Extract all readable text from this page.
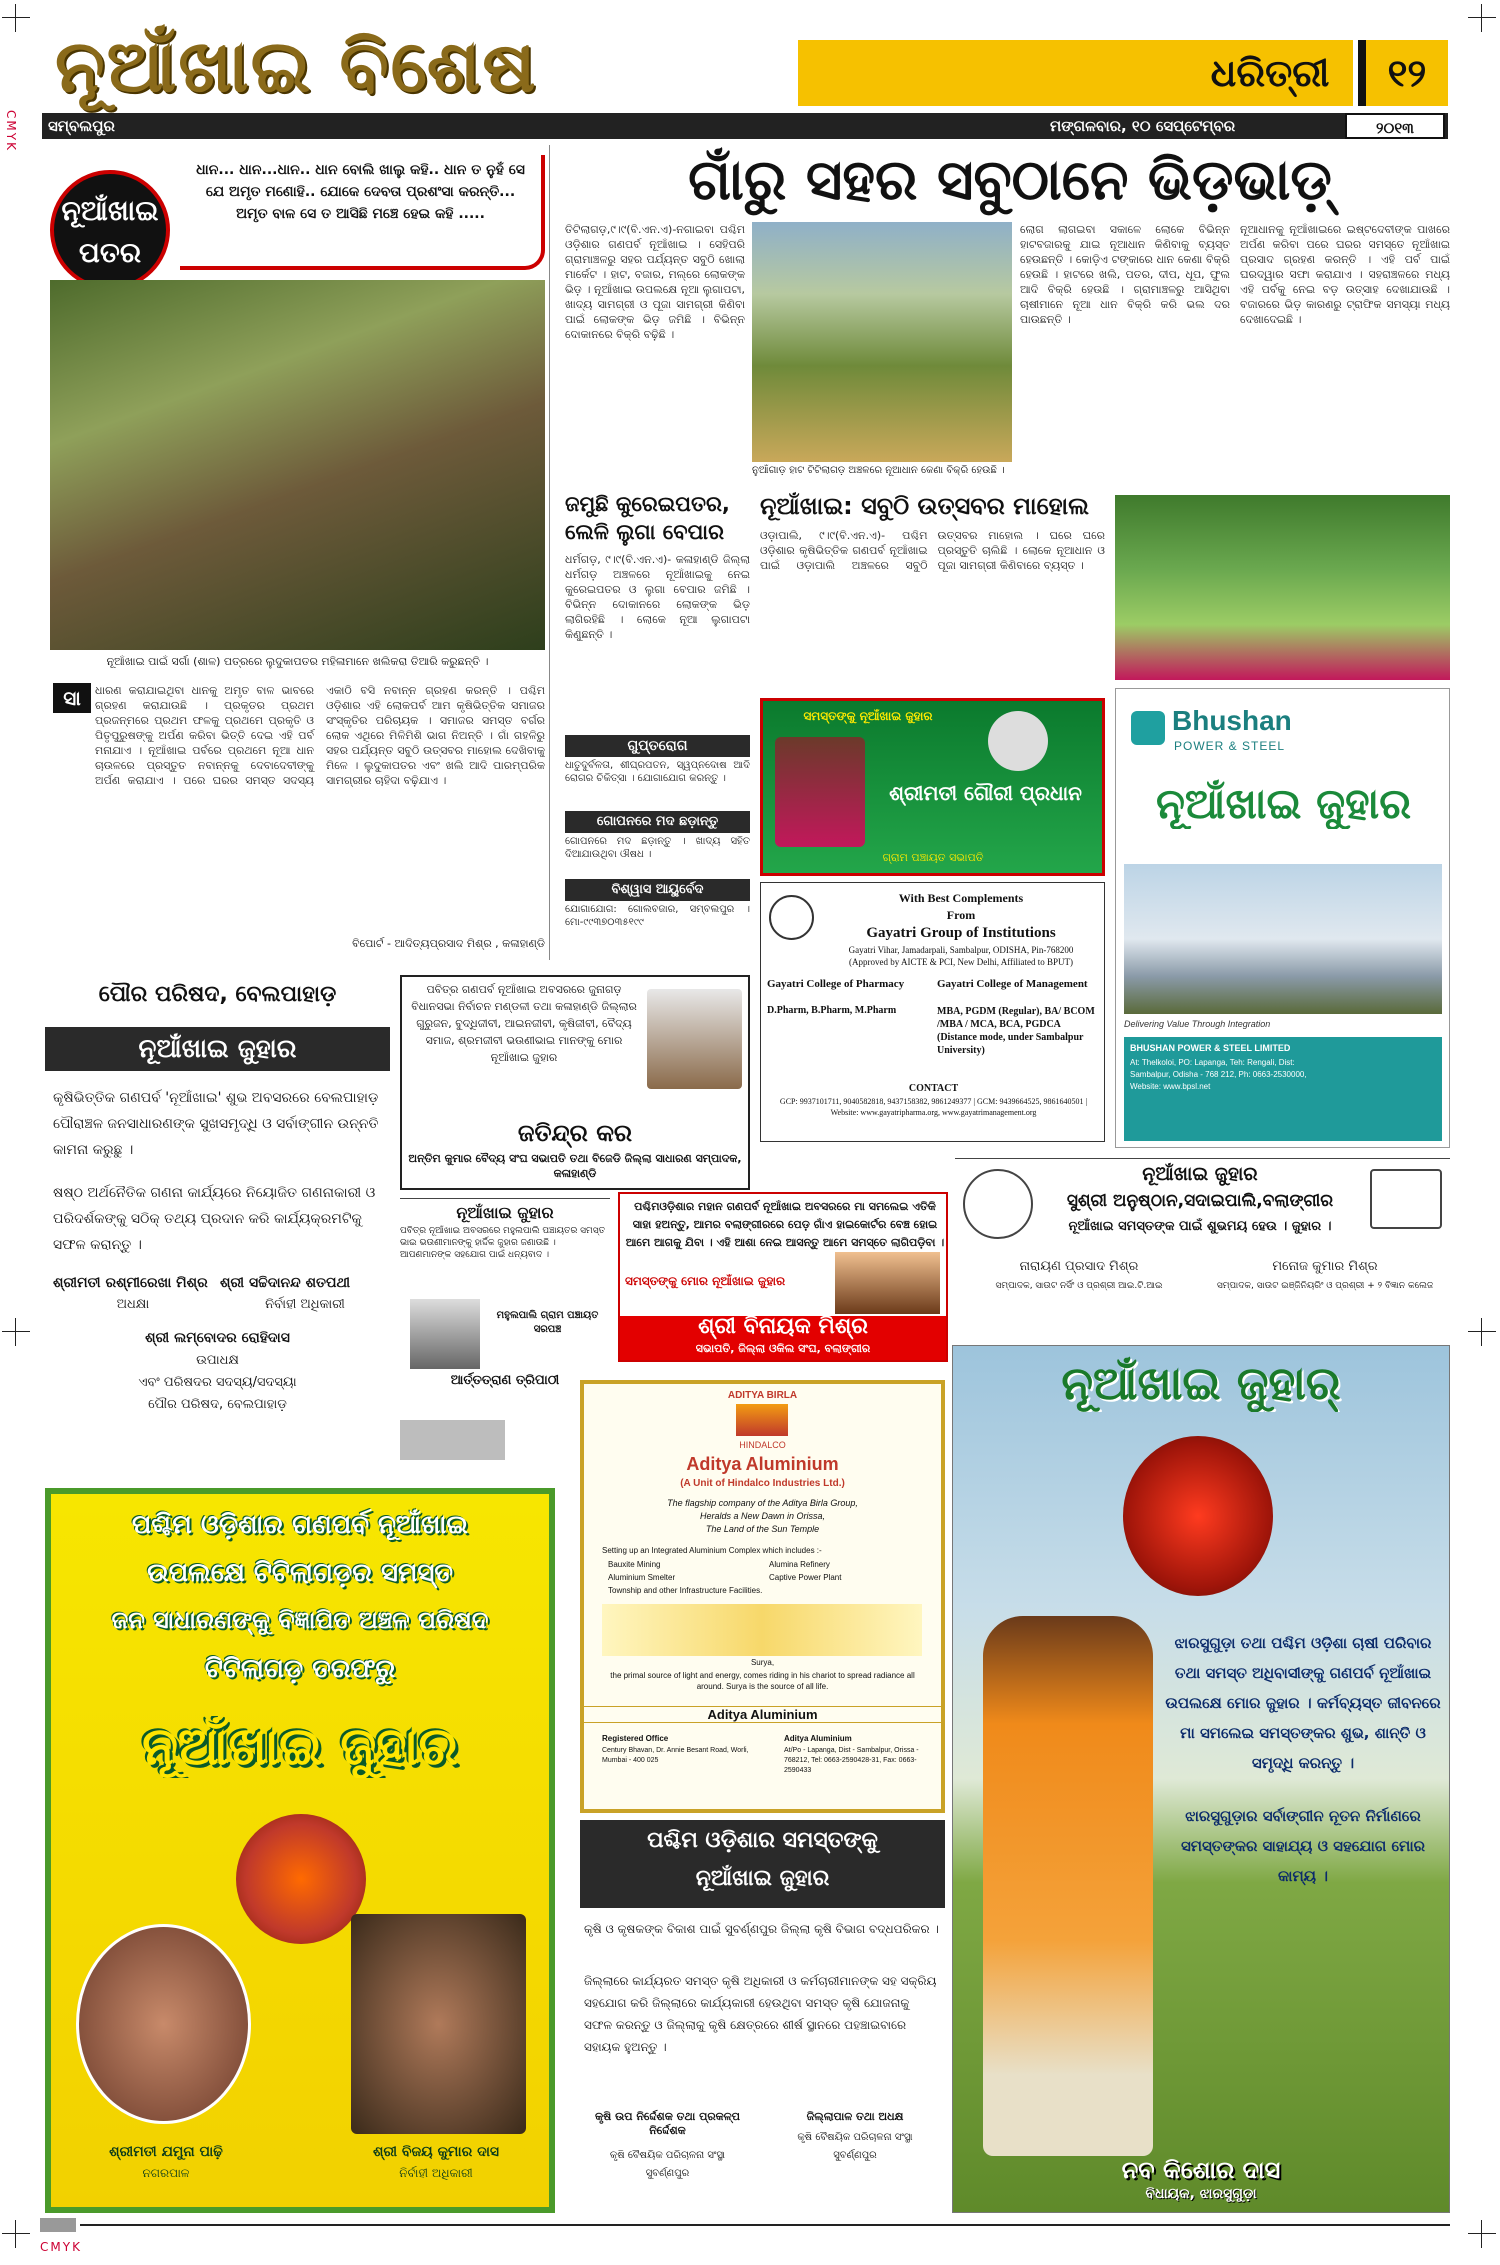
CMYK
CMYK
ନୂଆଁଖାଇ ବିଶେଷ	ଧରିତ୍ରୀ	୧୨
ସମ୍ବଲପୁର	ମଙ୍ଗଳବାର, ୧୦ ସେପ୍ଟେମ୍ବର	୨୦୧୩
ନୂଆଁଖାଇ ପତର
ଧାନ... ଧାନ...ଧାନ.. ଧାନ ବୋଲି ଖାଲୁ କହି.. ଧାନ ତ ନୁହଁ ସେ ଯେ ଅମୃତ ମଣୋହି.. ଯୋକେ ଦେବତା ପ୍ରଶଂସା କରନ୍ତି... ଅମୃତ ବାଳ ସେ ତ ଆସିଛି ମଞ୍ଚେ ହେଇ କହି .....
ନୂଆଁଖାଇ ପାଇଁ ସର୍ଗା (ଶାଳ) ପତ୍ରରେ ଲୁଦୁକାପତର ମହିଳାମାନେ ଖଲିକରା ତିଆରି କରୁଛନ୍ତି ।
ସା	ଧାରଣ କରାଯାଇଥିବା ଧାନକୁ ଅମୃତ ବାଳ ଭାବରେ ଗ୍ରହଣ କରାଯାଉଛି । ପ୍ରକୃତର ପ୍ରଥମ ପ୍ରଜନ୍ମରେ ପ୍ରଥମ ଫଳକୁ ପ୍ରଥମେ ପ୍ରକୃତି ଓ ପିତୃପୁରୁଷଙ୍କୁ ଅର୍ପଣ କରିବା ଭିତ୍ତି ଦେଇ ଏହି ପର୍ବ ମନାଯାଏ । ନୂଆଁଖାଇ ପର୍ବରେ ପ୍ରଥମେ ନୂଆ ଧାନ ଚାଉଳରେ ପ୍ରସ୍ତୁତ ନବାନ୍ନକୁ ଦେବାଦେବୀଙ୍କୁ ଅର୍ପଣ କରାଯାଏ । ପରେ ଘରର ସମସ୍ତ ସଦସ୍ୟ ଏକାଠି ବସି ନବାନ୍ନ ଗ୍ରହଣ କରନ୍ତି । ପଶ୍ଚିମ ଓଡ଼ିଶାର ଏହି ଲୋକପର୍ବ ଆମ କୃଷିଭିତ୍ତିକ ସମାଜର ସଂସ୍କୃତିର ପରିଚାୟକ । ସମାଜର ସମସ୍ତ ବର୍ଗର ଲୋକ ଏଥିରେ ମିଳିମିଶି ଭାଗ ନିଅନ୍ତି । ଗାଁ ଗହଳିରୁ ସହର ପର୍ଯ୍ୟନ୍ତ ସବୁଠି ଉତ୍ସବର ମାହୋଲ ଦେଖିବାକୁ ମିଳେ । ଲୁଦୁକାପତର ଏବଂ ଖଲି ଆଦି ପାରମ୍ପରିକ ସାମଗ୍ରୀର ଚାହିଦା ବଢ଼ିଯାଏ ।
ବିପୋର୍ଟ - ଆଦିତ୍ୟପ୍ରସାଦ ମିଶ୍ର , କଳାହାଣ୍ଡି
ଗାଁରୁ ସହର ସବୁଠାନେ ଭିଡ଼ଭାଡ଼୍
ତିଟିଲାଗଡ଼,୯।୯(ବି.ଏନ.ଏ)-ନଗାଇବା ପଶ୍ଚିମ ଓଡ଼ିଶାର ଗଣପର୍ବ ନୂଆଁଖାଇ । ସେହିପରି ଗ୍ରାମାଞ୍ଚଳରୁ ସହର ପର୍ଯ୍ୟନ୍ତ ସବୁଠି ଖୋଲା ମାର୍କେଟ । ହାଟ, ବଜାର, ମଲ୍‌ରେ ଲୋକଙ୍କ ଭିଡ଼ । ନୂଆଁଖାଇ ଉପଲକ୍ଷେ ନୂଆ ଲୁଗାପଟା, ଖାଦ୍ୟ ସାମଗ୍ରୀ ଓ ପୂଜା ସାମଗ୍ରୀ କିଣିବା ପାଇଁ ଲୋକଙ୍କ ଭିଡ଼ ଜମିଛି । ବିଭିନ୍ନ ଦୋକାନରେ ବିକ୍ରି ବଢ଼ିଛି ।
ନୁଆଁଗାଡ଼ ହାଟ ଟିଟିଲାଗଡ଼ ଅଞ୍ଚଳରେ ନୂଆଧାନ କେଣା ବିକ୍ରି ହେଉଛି ।
ଲୋଗ ଲାଗଇବା ସକାଳେ ଲୋକେ ବିଭିନ୍ନ ହାଟବଜାରକୁ ଯାଇ ନୂଆଧାନ କିଣିବାକୁ ବ୍ୟସ୍ତ ହେଉଛନ୍ତି । କୋଡ଼ିଏ ଟଙ୍କାରେ ଧାନ କେଣା ବିକ୍ରି ହେଉଛି । ହାଟରେ ଖଲି, ପତର, ଦୀପ, ଧୂପ, ଫୁଲ ଆଦି ବିକ୍ରି ହେଉଛି । ଗ୍ରାମାଞ୍ଚଳରୁ ଆସିଥିବା ଚାଷୀମାନେ ନୂଆ ଧାନ ବିକ୍ରି କରି ଭଲ ଦର ପାଉଛନ୍ତି ।
ନୂଆଧାନକୁ ନୂଆଁଖାଇରେ ଇଷ୍ଟଦେବୀଙ୍କ ପାଖରେ ଅର୍ପଣ କରିବା ପରେ ଘରର ସମସ୍ତେ ନୂଆଁଖାଇ ପ୍ରସାଦ ଗ୍ରହଣ କରନ୍ତି । ଏହି ପର୍ବ ପାଇଁ ଘରଦ୍ୱାର ସଫା କରାଯାଏ । ସହରାଞ୍ଚଳରେ ମଧ୍ୟ ଏହି ପର୍ବକୁ ନେଇ ବଡ଼ ଉତ୍ସାହ ଦେଖାଯାଉଛି । ବଜାରରେ ଭିଡ଼ କାରଣରୁ ଟ୍ରାଫିକ ସମସ୍ୟା ମଧ୍ୟ ଦେଖାଦେଇଛି ।
ଜମୁଛି କୁରେଇପତର, ଲେଳି ଲୁଗା ବେପାର
ଧର୍ମଗଡ଼, ୯।୯(ବି.ଏନ.ଏ)- କଳାହାଣ୍ଡି ଜିଲ୍ଲା ଧର୍ମଗଡ଼ ଅଞ୍ଚଳରେ ନୂଆଁଖାଇକୁ ନେଇ କୁରେଇପତର ଓ ଲୁଗା ବେପାର ଜମିଛି । ବିଭିନ୍ନ ଦୋକାନରେ ଲୋକଙ୍କ ଭିଡ଼ ଲାଗିରହିଛି । ଲୋକେ ନୂଆ ଲୁଗାପଟା କିଣୁଛନ୍ତି ।
ଗୁପ୍ତରୋଗ
ଧାତୁଦୁର୍ବଳତା, ଶୀଘ୍ରପତନ, ସ୍ୱପ୍ନଦୋଷ ଆଦି ରୋଗର ଚିକିତ୍ସା । ଯୋଗାଯୋଗ କରନ୍ତୁ ।
ଗୋପନରେ ମଦ ଛଡ଼ାନ୍ତୁ
ଗୋପନରେ ମଦ ଛଡ଼ାନ୍ତୁ । ଖାଦ୍ୟ ସହିତ ଦିଆଯାଉଥିବା ଔଷଧ ।
ବିଶ୍ୱାସ ଆୟୁର୍ବେଦ
ଯୋଗାଯୋଗ: ଗୋଲବଜାର, ସମ୍ବଲପୁର । ମୋ-୯୯୩୭୦୩୫୧୯୯
ନୂଆଁଖାଇ: ସବୁଠି ଉତ୍ସବର ମାହୋଲ
ଓଡ଼ାପାଲି, ୯।୯(ବି.ଏନ.ଏ)- ପଶ୍ଚିମ ଓଡ଼ିଶାର କୃଷିଭିତ୍ତିକ ଗଣପର୍ବ ନୂଆଁଖାଇ ପାଇଁ ଓଡ଼ାପାଲି ଅଞ୍ଚଳରେ ସବୁଠି ଉତ୍ସବର ମାହୋଲ । ଘରେ ଘରେ ପ୍ରସ୍ତୁତି ଚାଲିଛି । ଲୋକେ ନୂଆଧାନ ଓ ପୂଜା ସାମଗ୍ରୀ କିଣିବାରେ ବ୍ୟସ୍ତ ।
ସମସ୍ତଙ୍କୁ ନୂଆଁଖାଇ ଜୁହାର
ଶ୍ରୀମତୀ ଗୌରୀ ପ୍ରଧାନ
ଗ୍ରାମ ପଞ୍ଚାୟତ ସଭାପତି
With Best Complements
From
Gayatri Group of Institutions
Gayatri Vihar, Jamadarpali, Sambalpur, ODISHA, Pin-768200
(Approved by AICTE & PCI, New Delhi, Affiliated to BPUT)
Gayatri College of Pharmacy
D.Pharm, B.Pharm, M.Pharm
Gayatri College of Management
MBA, PGDM (Regular), BA/ BCOM /MBA / MCA, BCA, PGDCA (Distance mode, under Sambalpur University)
CONTACT
GCP: 9937101711, 9040582818, 9437158382, 9861249377 | GCM: 9439664525, 9861640501 | Website: www.gayatripharma.org, www.gayatrimanagement.org
Bhushan
POWER & STEEL
ନୂଆଁଖାଇ ଜୁହାର
Delivering Value Through Integration
BHUSHAN POWER & STEEL LIMITED
At: Thelkoloi, PO: Lapanga, Teh: Rengali, Dist: Sambalpur, Odisha - 768 212, Ph: 0663-2530000, Website: www.bpsl.net
ପୌର ପରିଷଦ, ବେଲପାହାଡ଼
ନୂଆଁଖାଇ ଜୁହାର
କୃଷିଭିତ୍ତିକ ଗଣପର୍ବ 'ନୂଆଁଖାଇ' ଶୁଭ ଅବସରରେ ବେଲପାହାଡ଼ ପୌରାଞ୍ଚଳ ଜନସାଧାରଣଙ୍କ ସୁଖସମୃଦ୍ଧି ଓ ସର୍ବାଙ୍ଗୀନ ଉନ୍ନତି କାମନା କରୁଛୁ ।
ଷଷ୍ଠ ଅର୍ଥନୈତିକ ଗଣନା କାର୍ଯ୍ୟରେ ନିୟୋଜିତ ଗଣନାକାରୀ ଓ ପରିଦର୍ଶକଙ୍କୁ ସଠିକ୍ ତଥ୍ୟ ପ୍ରଦାନ କରି କାର୍ଯ୍ୟକ୍ରମଟିକୁ ସଫଳ କରାନ୍ତୁ ।
ଶ୍ରୀମତୀ ରଶ୍ମୀରେଖା ମିଶ୍ର
ଅଧକ୍ଷା
ଶ୍ରୀ ସଚ୍ଚିଦାନନ୍ଦ ଶତପଥୀ
ନିର୍ବାହୀ ଅଧିକାରୀ
ଶ୍ରୀ ଲମ୍ବୋଦର ରୋହିଦାସ
ଉପାଧକ୍ଷ
ଏବଂ ପରିଷଦର ସଦସ୍ୟ/ସଦସ୍ୟା
ପୌର ପରିଷଦ, ବେଲପାହାଡ଼
ପବିତ୍ର ଗଣପର୍ବ ନୂଆଁଖାଇ ଅବସରରେ ଜୁନାଗଡ଼ ବିଧାନସଭା ନିର୍ବାଚନ ମଣ୍ଡଳୀ ତଥା କଳାହାଣ୍ଡି ଜିଲ୍ଲାର ଗୁରୁଜନ, ବୁଦ୍ଧିଜୀବୀ, ଆଇନଜୀବୀ, କୃଷିଜୀବୀ, ବୈଦ୍ୟ ସମାଜ, ଶ୍ରମଜୀବୀ ଭଉଣୀଭାଇ ମାନଙ୍କୁ ମୋର ନୂଆଁଖାଇ ଜୁହାର
ଜତିନ୍ଦ୍ର କର
ଅନ୍ତିମ କୁମାର ବୈଦ୍ୟ ସଂଘ ସଭାପତି ତଥା ବିଜେଡି ଜିଲ୍ଲା ସାଧାରଣ ସମ୍ପାଦକ, କଳାହାଣ୍ଡି
ନୂଆଁଖାଇ ଜୁହାର
ପବିତ୍ର ନୂଆଁଖାଇ ଅବସରରେ ମହୁଲପାଲି ପଞ୍ଚାୟତର ସମସ୍ତ ଭାଇ ଭଉଣୀମାନଙ୍କୁ ହାର୍ଦ୍ଦିକ ଜୁହାର ଜଣାଉଛି । ଆପଣମାନଙ୍କ ସହଯୋଗ ପାଇଁ ଧନ୍ୟବାଦ ।
ମହୁଲପାଲି ଗ୍ରାମ ପଞ୍ଚାୟତ ସରପଞ୍ଚ
ଆର୍ତ୍ତତ୍ରାଣ ତ୍ରିପାଠୀ
ପଶ୍ଚିମଓଡ଼ିଶାର ମହାନ ଗଣପର୍ବ ନୂଆଁଖାଇ ଅବସରରେ ମା ସମଲେଇ ଏତିକି ସାହା ହଅନ୍ତୁ, ଆମର ବଲାଙ୍ଗୀରରେ ପେଡ଼ ଗାଁଏ ହାଇକୋର୍ଟର ବେଞ୍ଚ ହୋଇ ଆମେ ଆଗକୁ ଯିବା । ଏହି ଆଶା ନେଇ ଆସନ୍ତୁ ଆମେ ସମସ୍ତେ ଲାଗିପଡ଼ିବା ।
ସମସ୍ତଙ୍କୁ ମୋର ନୂଆଁଖାଇ ଜୁହାର
ଶ୍ରୀ ବିନାୟକ ମିଶ୍ର
ସଭାପତି, ଜିଲ୍ଲା ଓକିଲ ସଂଘ, ବଲାଙ୍ଗୀର
ନୂଆଁଖାଇ ଜୁହାର
ସୁଶ୍ରୀ ଅନୁଷ୍ଠାନ,ସଦାଇପାଲି,ବଲାଙ୍ଗୀର
ନୂଆଁଖାଇ ସମସ୍ତଙ୍କ ପାଇଁ ଶୁଭମୟ ହେଉ । ଜୁହାର ।
ନାରାୟଣ ପ୍ରସାଦ ମିଶ୍ର
ସମ୍ପାଦକ, ସାଉଟ ନର୍ସିଂ ଓ ପ୍ରଶ୍ରୀ ଆଇ.ଟି.ଆଇ
ମନୋଜ କୁମାର ମିଶ୍ର
ସମ୍ପାଦକ, ସାଉଟ ଇଞ୍ଜିନିୟରିଂ ଓ ପ୍ରଶ୍ରୀ + ୨ ବିଜ୍ଞାନ କଲେଜ
ADITYA BIRLA
HINDALCO
Aditya Aluminium
(A Unit of Hindalco Industries Ltd.)
The flagship company of the Aditya Birla Group,
Heralds a New Dawn in Orissa,
The Land of the Sun Temple
Setting up an Integrated Aluminium Complex which includes :-
Bauxite Mining	Alumina Refinery
Aluminium Smelter	Captive Power Plant
Township and other Infrastructure Facilities.
Surya,
the primal source of light and energy, comes riding in his chariot to spread radiance all around. Surya is the source of all life.
Aditya Aluminium
Registered Office
Century Bhavan, Dr. Annie Besant Road, Worli, Mumbai - 400 025
Aditya Aluminium
At/Po - Lapanga, Dist - Sambalpur, Orissa - 768212, Tel: 0663-2590428-31, Fax: 0663-2590433
ପଶ୍ଚିମ ଓଡ଼ିଶାର ସମସ୍ତଙ୍କୁ
ନୂଆଁଖାଇ ଜୁହାର
କୃଷି ଓ କୃଷକଙ୍କ ବିକାଶ ପାଇଁ ସୁବର୍ଣ୍ଣପୁର ଜିଲ୍ଲା କୃଷି ବିଭାଗ ବଦ୍ଧପରିକର ।
ଜିଲ୍ଲାରେ କାର୍ଯ୍ୟରତ ସମସ୍ତ କୃଷି ଅଧିକାରୀ ଓ କର୍ମଚାରୀମାନଙ୍କ ସହ ସକ୍ରିୟ ସହଯୋଗ କରି ଜିଲ୍ଲାରେ କାର୍ଯ୍ୟକାରୀ ହେଉଥିବା ସମସ୍ତ କୃଷି ଯୋଜନାକୁ ସଫଳ କରନ୍ତୁ ଓ ଜିଲ୍ଲାକୁ କୃଷି କ୍ଷେତ୍ରରେ ଶୀର୍ଷ ସ୍ଥାନରେ ପହଞ୍ଚାଇବାରେ ସହାୟକ ହୁଅନ୍ତୁ ।
କୃଷି ଉପ ନିର୍ଦ୍ଦେଶକ ତଥା ପ୍ରକଳ୍ପ ନିର୍ଦ୍ଦେଶକ
କୃଷି ବୈଷୟିକ ପରିଚାଳନା ସଂସ୍ଥା
ସୁବର୍ଣ୍ଣପୁର
ଜିଲ୍ଲାପାଳ ତଥା ଅଧକ୍ଷ
କୃଷି ବୈଷୟିକ ପରିଚାଳନା ସଂସ୍ଥା
ସୁବର୍ଣ୍ଣପୁର
ପଶ୍ଚିମ ଓଡ଼ିଶାର ଗଣପର୍ବ ନୂଆଁଖାଇ
ଉପଲକ୍ଷେ ଟିଟିଲାଗଡ଼ର ସମସ୍ତ
ଜନ ସାଧାରଣଙ୍କୁ ବିଜ୍ଞାପିତ ଅଞ୍ଚଳ ପରିଷଦ
ଟିଟିଲାଗଡ଼ ତରଫରୁ
ନୂଆଁଖାଇ ଜୁହାର
ଶ୍ରୀମତୀ ଯମୁନା ପାଢ଼ି
ନଗରପାଳ
ଶ୍ରୀ ବିଜୟ କୁମାର ଦାସ
ନିର୍ବାହୀ ଅଧିକାରୀ
ନୂଆଁଖାଇ ଜୁହାର୍
ଝାରସୁଗୁଡ଼ା ତଥା ପଶ୍ଚିମ ଓଡ଼ିଶା ଚାଷୀ ପରିବାର ତଥା ସମସ୍ତ ଅଧିବାସୀଙ୍କୁ ଗଣପର୍ବ ନୂଆଁଖାଇ ଉପଲକ୍ଷେ ମୋର ଜୁହାର । କର୍ମବ୍ୟସ୍ତ ଜୀବନରେ ମା ସମଲେଇ ସମସ୍ତଙ୍କର ଶୁଭ, ଶାନ୍ତି ଓ ସମୃଦ୍ଧି କରନ୍ତୁ ।
ଝାରସୁଗୁଡ଼ାର ସର୍ବାଙ୍ଗୀନ ନୂତନ ନିର୍ମାଣରେ ସମସ୍ତଙ୍କର ସାହାଯ୍ୟ ଓ ସହଯୋଗ ମୋର କାମ୍ୟ ।
ନବ କିଶୋର ଦାସ
ବିଧାୟକ, ଝାରସୁଗୁଡ଼ା
